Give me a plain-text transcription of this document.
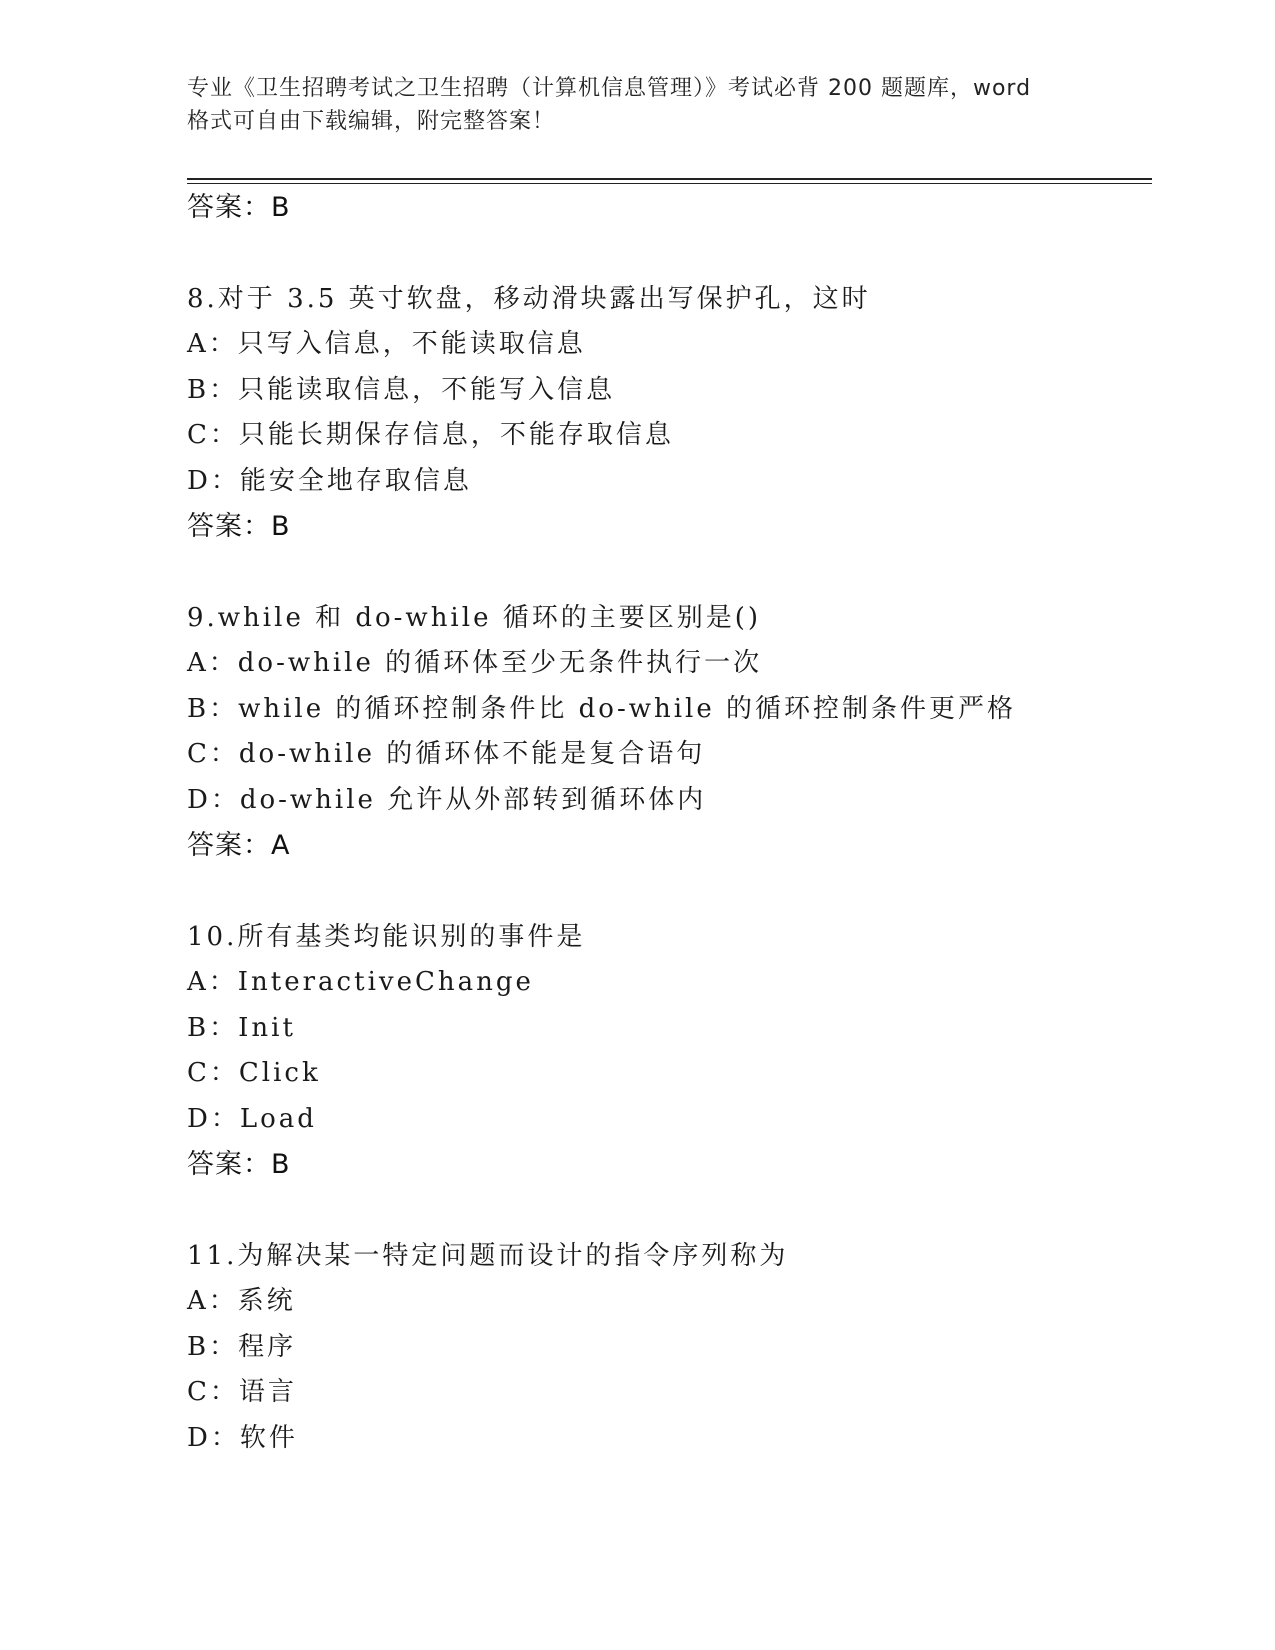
专业《卫生招聘考试之卫生招聘（计算机信息管理）》考试必背 200 题题库，word
格式可自由下载编辑，附完整答案！
答案：B
8.对于 3.5 英寸软盘，移动滑块露出写保护孔，这时
A：只写入信息，不能读取信息
B：只能读取信息，不能写入信息
C：只能长期保存信息，不能存取信息
D：能安全地存取信息
答案：B
9.while 和 do-while 循环的主要区别是()
A：do-while 的循环体至少无条件执行一次
B：while 的循环控制条件比 do-while 的循环控制条件更严格
C：do-while 的循环体不能是复合语句
D：do-while 允许从外部转到循环体内
答案：A
10.所有基类均能识别的事件是
A：InteractiveChange
B：Init
C：Click
D：Load
答案：B
11.为解决某一特定问题而设计的指令序列称为
A：系统
B：程序
C：语言
D：软件
